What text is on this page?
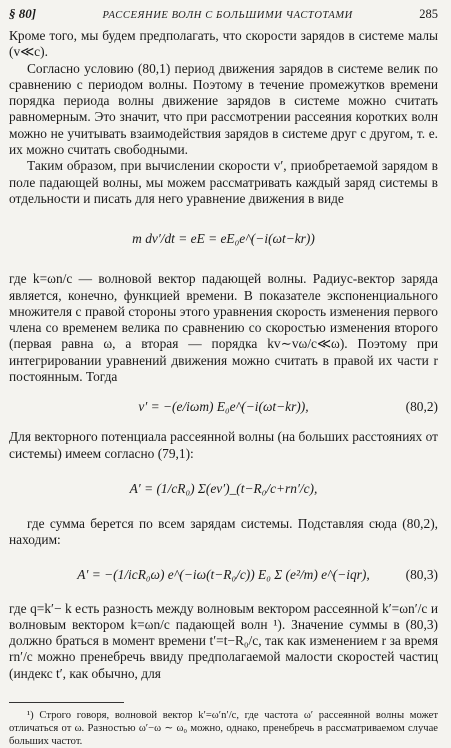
§ 80]	РАССЕЯНИЕ ВОЛН С БОЛЬШИМИ ЧАСТОТАМИ	285

Кроме того, мы будем предполагать, что скорости зарядов в системе малы (v≪c).

Согласно условию (80,1) период движения зарядов в системе велик по сравнению с периодом волны. Поэтому в течение промежутков времени порядка периода волны движение зарядов в системе можно считать равномерным. Это значит, что при рассмотрении рассеяния коротких волн можно не учитывать взаимодействия зарядов в системе друг с другом, т. е. их можно считать свободными.

Таким образом, при вычислении скорости v′, приобретаемой зарядом в поле падающей волны, мы можем рассматривать каждый заряд системы в отдельности и писать для него уравнение движения в виде

m dv′/dt = eE = eE₀e^(−i(ωt−kr))

где k=ωn/c — волновой вектор падающей волны. Радиус-вектор заряда является, конечно, функцией времени. В показателе экспоненциального множителя с правой стороны этого уравнения скорость изменения первого члена со временем велика по сравнению со скоростью изменения второго (первая равна ω, а вторая — порядка kv∼vω/c≪ω). Поэтому при интегрировании уравнений движения можно считать в правой их части r постоянным. Тогда

v′ = −(e/iωm) E₀e^(−i(ωt−kr)),	(80,2)

Для векторного потенциала рассеянной волны (на больших расстояниях от системы) имеем согласно (79,1):

A′ = (1/cR₀) Σ(ev′)_(t−R₀/c+rn′/c),

где сумма берется по всем зарядам системы. Подставляя сюда (80,2), находим:

A′ = −(1/icR₀ω) e^(−iω(t−R₀/c)) E₀ Σ (e²/m) e^(−iqr),	(80,3)

где q=k′− k есть разность между волновым вектором рассеянной k′=ωn′/c и волновым вектором k=ωn/c падающей волн ¹). Значение суммы в (80,3) должно браться в момент времени t′=t−R₀/c, так как изменением r за время rn′/c можно пренебречь ввиду предполагаемой малости скоростей частиц (индекс t′, как обычно, для

¹) Строго говоря, волновой вектор k′=ω′n′/c, где частота ω′ рассеянной волны может отличаться от ω. Разностью ω′−ω ∼ ω₀ можно, однако, пренебречь в рассматриваемом случае больших частот.
